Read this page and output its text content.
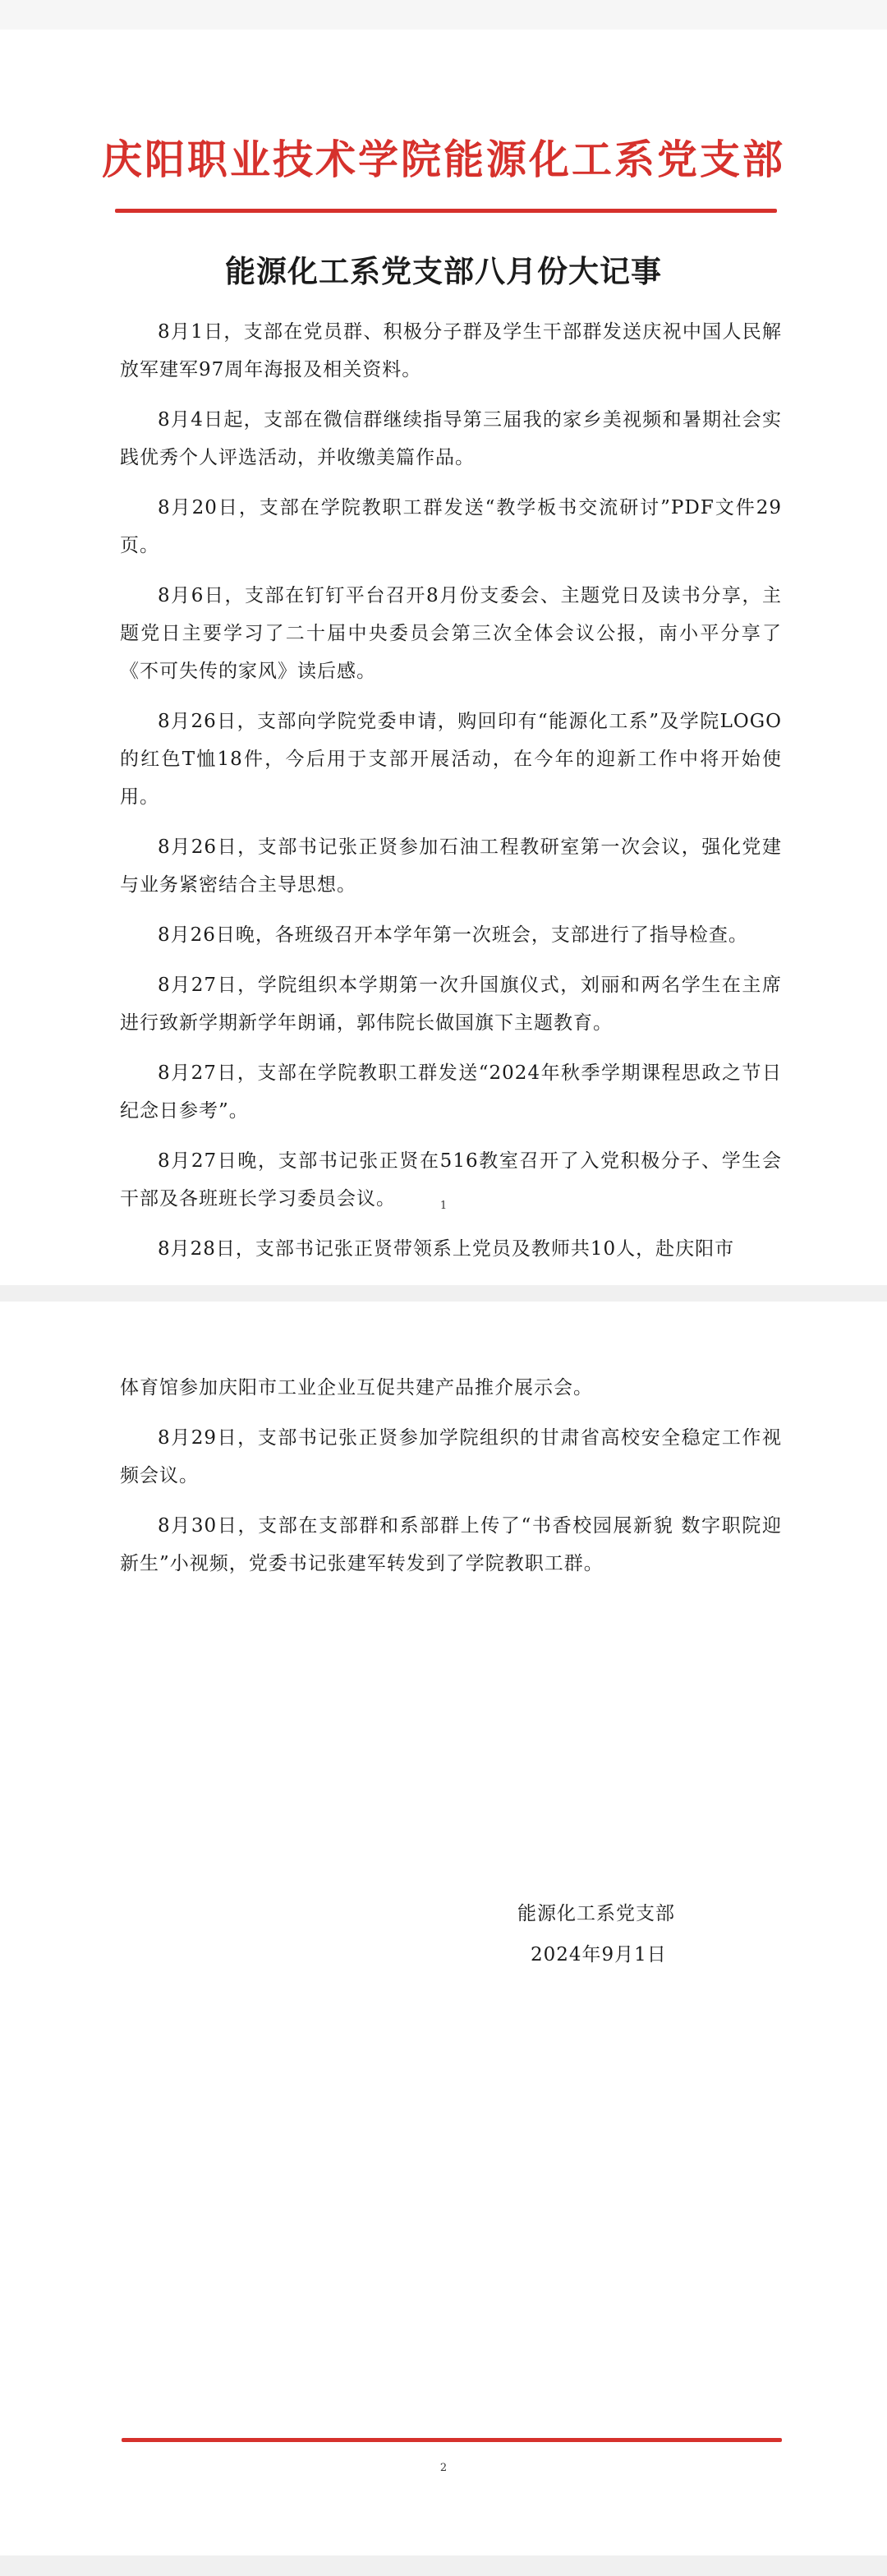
庆阳职业技术学院能源化工系党支部
能源化工系党支部八月份大记事

8月1日，支部在党员群、积极分子群及学生干部群发送庆祝中国人民解放军建军97周年海报及相关资料。

8月4日起，支部在微信群继续指导第三届我的家乡美视频和暑期社会实践优秀个人评选活动，并收缴美篇作品。

8月20日，支部在学院教职工群发送“教学板书交流研讨”PDF文件29页。

8月6日，支部在钉钉平台召开8月份支委会、主题党日及读书分享，主题党日主要学习了二十届中央委员会第三次全体会议公报，南小平分享了《不可失传的家风》读后感。

8月26日，支部向学院党委申请，购回印有“能源化工系”及学院LOGO的红色T恤18件，今后用于支部开展活动，在今年的迎新工作中将开始使用。

8月26日，支部书记张正贤参加石油工程教研室第一次会议，强化党建与业务紧密结合主导思想。

8月26日晚，各班级召开本学年第一次班会，支部进行了指导检查。

8月27日，学院组织本学期第一次升国旗仪式，刘丽和两名学生在主席进行致新学期新学年朗诵，郭伟院长做国旗下主题教育。

8月27日，支部在学院教职工群发送“2024年秋季学期课程思政之节日纪念日参考”。

8月27日晚，支部书记张正贤在516教室召开了入党积极分子、学生会干部及各班班长学习委员会议。

8月28日，支部书记张正贤带领系上党员及教师共10人，赴庆阳市

1

体育馆参加庆阳市工业企业互促共建产品推介展示会。

8月29日，支部书记张正贤参加学院组织的甘肃省高校安全稳定工作视频会议。

8月30日，支部在支部群和系部群上传了“书香校园展新貌 数字职院迎新生”小视频，党委书记张建军转发到了学院教职工群。

能源化工系党支部
2024年9月1日
2
